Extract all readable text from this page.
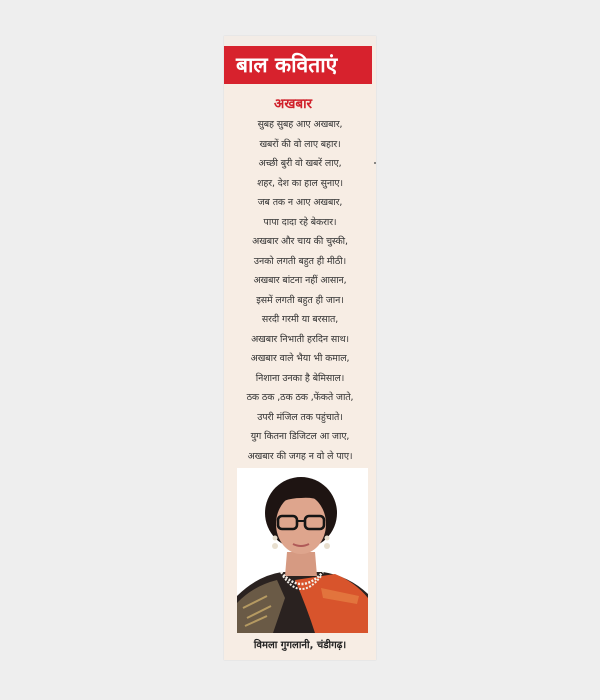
बाल कविताएं
अखबार
सुबह सुबह आए अखबार,
खबरों की वो लाए बहार।
अच्छी बुरी वो खबरें लाए,
शहर, देश का हाल सुनाए।
जब तक न आए अखबार,
पापा दादा रहे बेकरार।
अखबार और चाय की चुस्की,
उनको लगती बहुत ही मीठी।
अखबार बांटना नहीं आसान,
इसमें लगती बहुत ही जान।
सरदी गरमी या बरसात,
अखबार निभाती हरदिन साथ।
अखबार वाले भैया भी कमाल,
निशाना उनका है बेमिसाल।
ठक ठक ,ठक ठक ,फेंकते जाते,
उपरी मंजिल तक पहुंचाते।
युग कितना डिजिटल आ जाए,
अखबार की जगह न वो ले पाए।
विमला गुगलानी, चंडीगढ़।
